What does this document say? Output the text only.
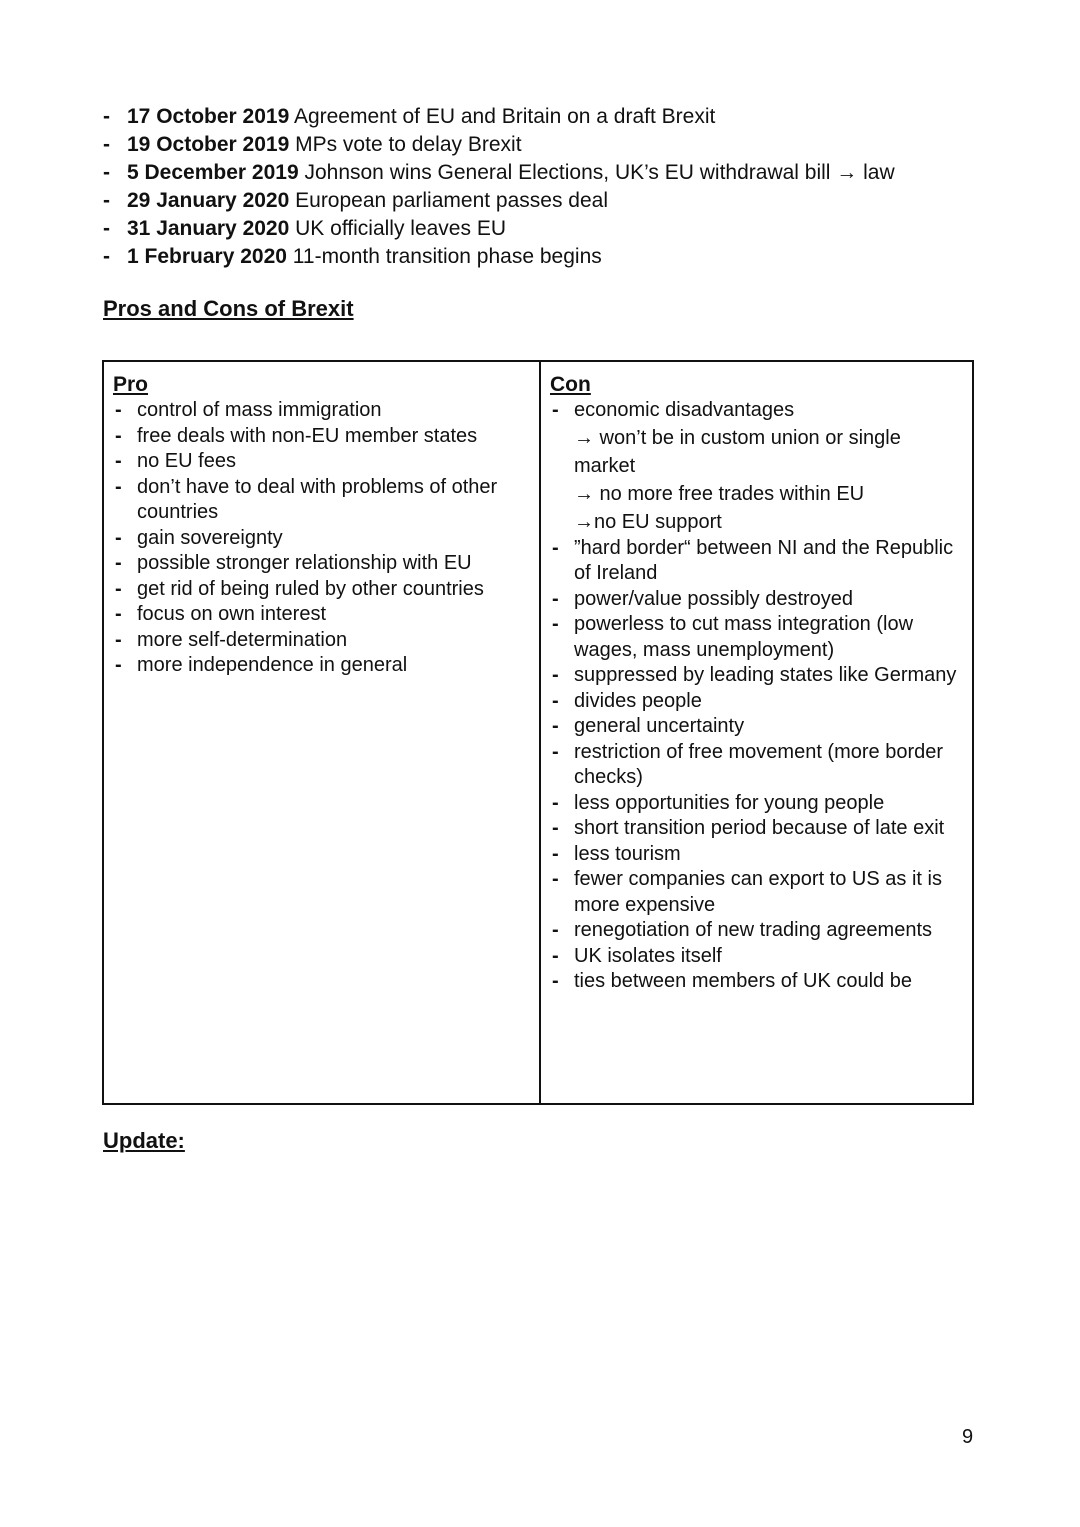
- 17 October 2019 Agreement of EU and Britain on a draft Brexit
- 19 October 2019 MPs vote to delay Brexit
- 5 December 2019 Johnson wins General Elections, UK’s EU withdrawal bill → law
- 29 January 2020 European parliament passes deal
- 31 January 2020 UK officially leaves EU
- 1 February 2020 11-month transition phase begins
Pros and Cons of Brexit
Pro
- control of mass immigration
- free deals with non-EU member states
- no EU fees
- don’t have to deal with problems of other countries
- gain sovereignty
- possible stronger relationship with EU
- get rid of being ruled by other countries
- focus on own interest
- more self-determination
- more independence in general
Con
- economic disadvantages
→ won’t be in custom union or single market
→ no more free trades within EU
→no EU support
- ”hard border“ between NI and the Republic of Ireland
- power/value possibly destroyed
- powerless to cut mass integration (low wages, mass unemployment)
- suppressed by leading states like Germany
- divides people
- general uncertainty
- restriction of free movement (more border checks)
- less opportunities for young people
- short transition period because of late exit
- less tourism
- fewer companies can export to US as it is more expensive
- renegotiation of new trading agreements
- UK isolates itself
- ties between members of UK could be
Update:
9
